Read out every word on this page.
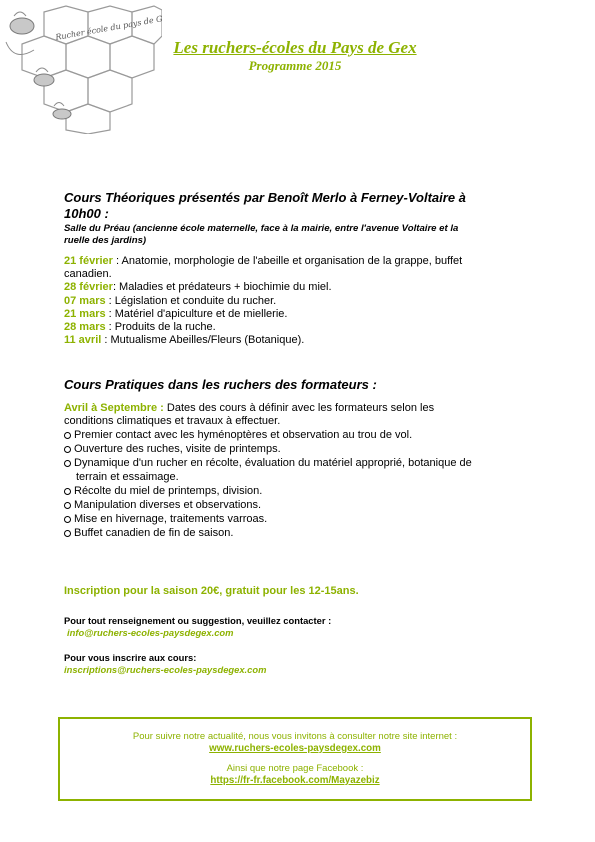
Rucher école du pays de Gex
Les ruchers-écoles du Pays de Gex
Programme 2015
Cours Théoriques présentés par Benoît Merlo à Ferney-Voltaire à
10h00 :
Salle du Préau (ancienne école maternelle, face à la mairie, entre l'avenue Voltaire et la
ruelle des jardins)
21 février : Anatomie, morphologie de l'abeille et organisation de la grappe, buffet
canadien.
28 février: Maladies et prédateurs + biochimie du miel.
07 mars : Législation et conduite du rucher.
21 mars : Matériel d'apiculture et de miellerie.
28 mars : Produits de la ruche.
11 avril : Mutualisme Abeilles/Fleurs (Botanique).
Cours Pratiques dans les ruchers des formateurs :
Avril à Septembre : Dates des cours à définir avec les formateurs selon les
conditions climatiques et travaux à effectuer.
Premier contact avec les hyménoptères et observation au trou de vol.
Ouverture des ruches, visite de printemps.
Dynamique d'un rucher en récolte, évaluation du matériel approprié, botanique de
terrain et essaimage.
Récolte du miel de printemps, division.
Manipulation diverses et observations.
Mise en hivernage, traitements varroas.
Buffet canadien de fin de saison.
Inscription pour la saison 20€, gratuit pour les 12-15ans.
Pour tout renseignement ou suggestion, veuillez contacter :
info@ruchers-ecoles-paysdegex.com
Pour vous inscrire aux cours:
inscriptions@ruchers-ecoles-paysdegex.com
Pour suivre notre actualité, nous vous invitons à consulter notre site internet :
www.ruchers-ecoles-paysdegex.com
Ainsi que notre page Facebook :
https://fr-fr.facebook.com/Mayazebiz
